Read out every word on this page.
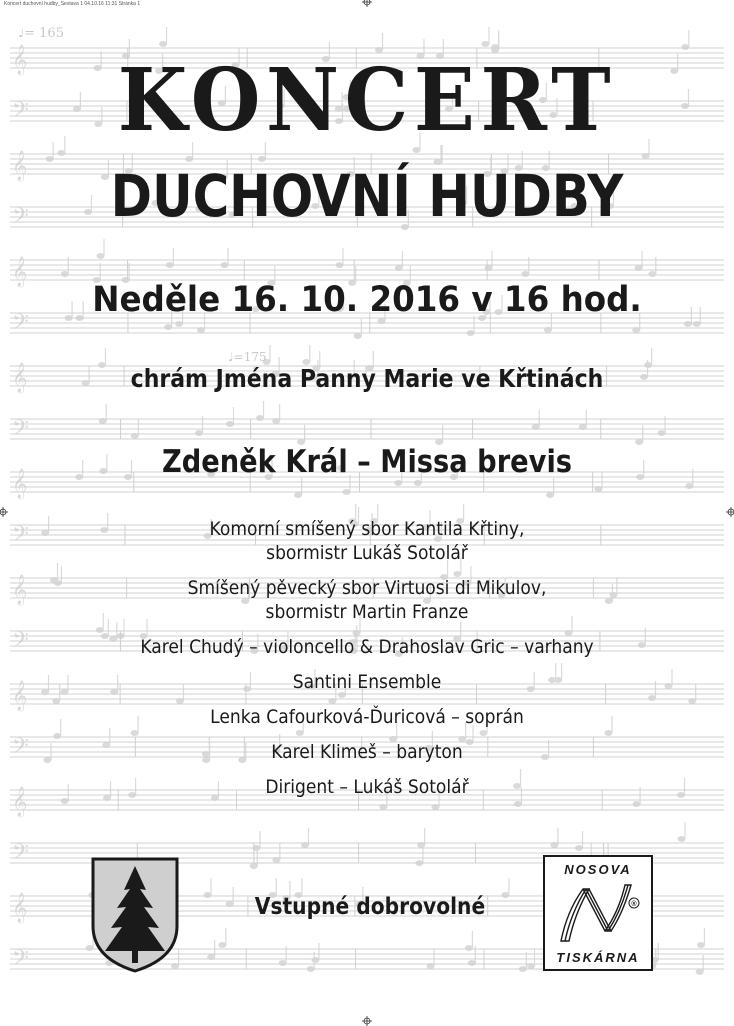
Koncert duchovní hudby_Sestava 1 04.10.16 11:31 Stránka 1
𝄢
𝄞
𝄢
𝄞
𝄢
𝄞
𝄢
𝄞
𝄢
𝄞
𝄢
𝄞
𝄢
𝄞
𝄢
𝄞
𝄢
𝄞
♩= 165
♩=175
KONCERT
DUCHOVNÍ HUDBY
Neděle 16. 10. 2016 v 16 hod.
chrám Jména Panny Marie ve Křtinách
Zdeněk Král – Missa brevis
Komorní smíšený sbor Kantila Křtiny,
sbormistr Lukáš Sotolář
Smíšený pěvecký sbor Virtuosi di Mikulov,
sbormistr Martin Franze
Karel Chudý – violoncello & Drahoslav Gric – varhany
Santini Ensemble
Lenka Cafourková-Ďuricová – soprán
Karel Klimeš – baryton
Dirigent – Lukáš Sotolář
Vstupné dobrovolné
NOSOVA
®
TISKÁRNA
